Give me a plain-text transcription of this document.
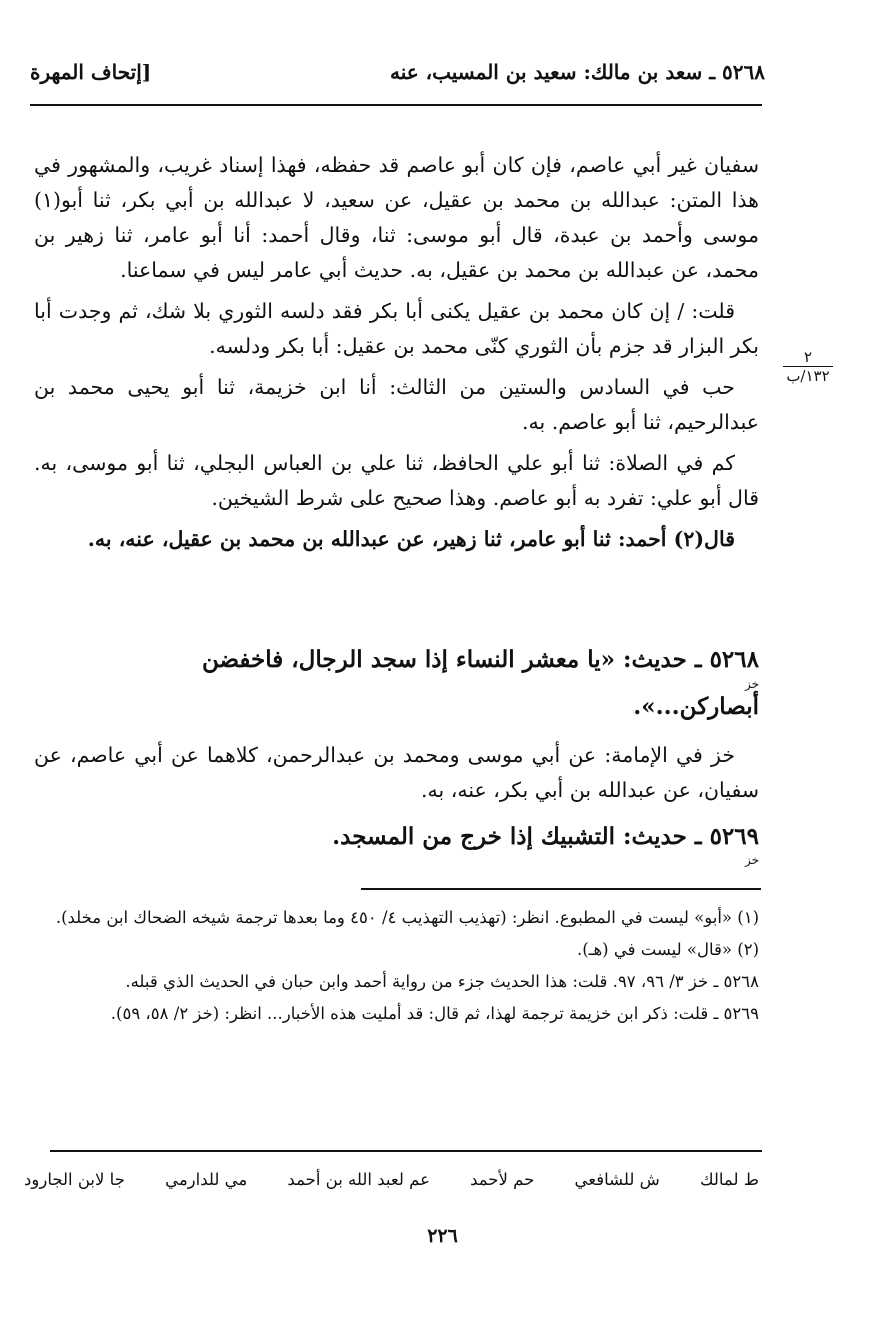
٥٢٦٨ ـ سعد بن مالك: سعيد بن المسيب، عنه
[إتحاف المهرة
٢
١٣٢/ب

سفيان غير أبي عاصم، فإن كان أبو عاصم قد حفظه، فهذا إسناد غريب، والمشهور في هذا المتن: عبدالله بن محمد بن عقيل، عن سعيد، لا عبدالله بن أبي بكر، ثنا أبو(١) موسى وأحمد بن عبدة، قال أبو موسى: ثنا، وقال أحمد: أنا أبو عامر، ثنا زهير بن محمد، عن عبدالله بن محمد بن عقيل، به. حديث أبي عامر ليس في سماعنا.

قلت: / إن كان محمد بن عقيل يكنى أبا بكر فقد دلسه الثوري بلا شك، ثم وجدت أبا بكر البزار قد جزم بأن الثوري كنّى محمد بن عقيل: أبا بكر ودلسه.

حب في السادس والستين من الثالث: أنا ابن خزيمة، ثنا أبو يحيى محمد بن عبدالرحيم، ثنا أبو عاصم. به.

كم في الصلاة: ثنا أبو علي الحافظ، ثنا علي بن العباس البجلي، ثنا أبو موسى، به. قال أبو علي: تفرد به أبو عاصم. وهذا صحيح على شرط الشيخين.

قال(٢) أحمد: ثنا أبو عامر، ثنا زهير، عن عبدالله بن محمد بن عقيل، عنه، به.

٥٢٦٨ ـ حديث: «يا معشر النساء إذا سجد الرجال، فاخفضن
خز
أبصاركن...».

خز في الإمامة: عن أبي موسى ومحمد بن عبدالرحمن، كلاهما عن أبي عاصم، عن سفيان، عن عبدالله بن أبي بكر، عنه، به.

٥٢٦٩ ـ حديث: التشبيك إذا خرج من المسجد.
خز

(١) «أبو» ليست في المطبوع. انظر: (تهذيب التهذيب ٤/ ٤٥٠ وما بعدها ترجمة شيخه الضحاك ابن مخلد).

(٢) «قال» ليست في (هـ).

٥٢٦٨ ـ خز ٣/ ٩٦، ٩٧. قلت: هذا الحديث جزء من رواية أحمد وابن حبان في الحديث الذي قبله.

٥٢٦٩ ـ قلت: ذكر ابن خزيمة ترجمة لهذا، ثم قال: قد أمليت هذه الأخبار... انظر: (خز ٢/ ٥٨، ٥٩).

ط لمالك
ش للشافعي
حم لأحمد
عم لعبد الله بن أحمد
مي للدارمي
جا لابن الجارود
٢٢٦
